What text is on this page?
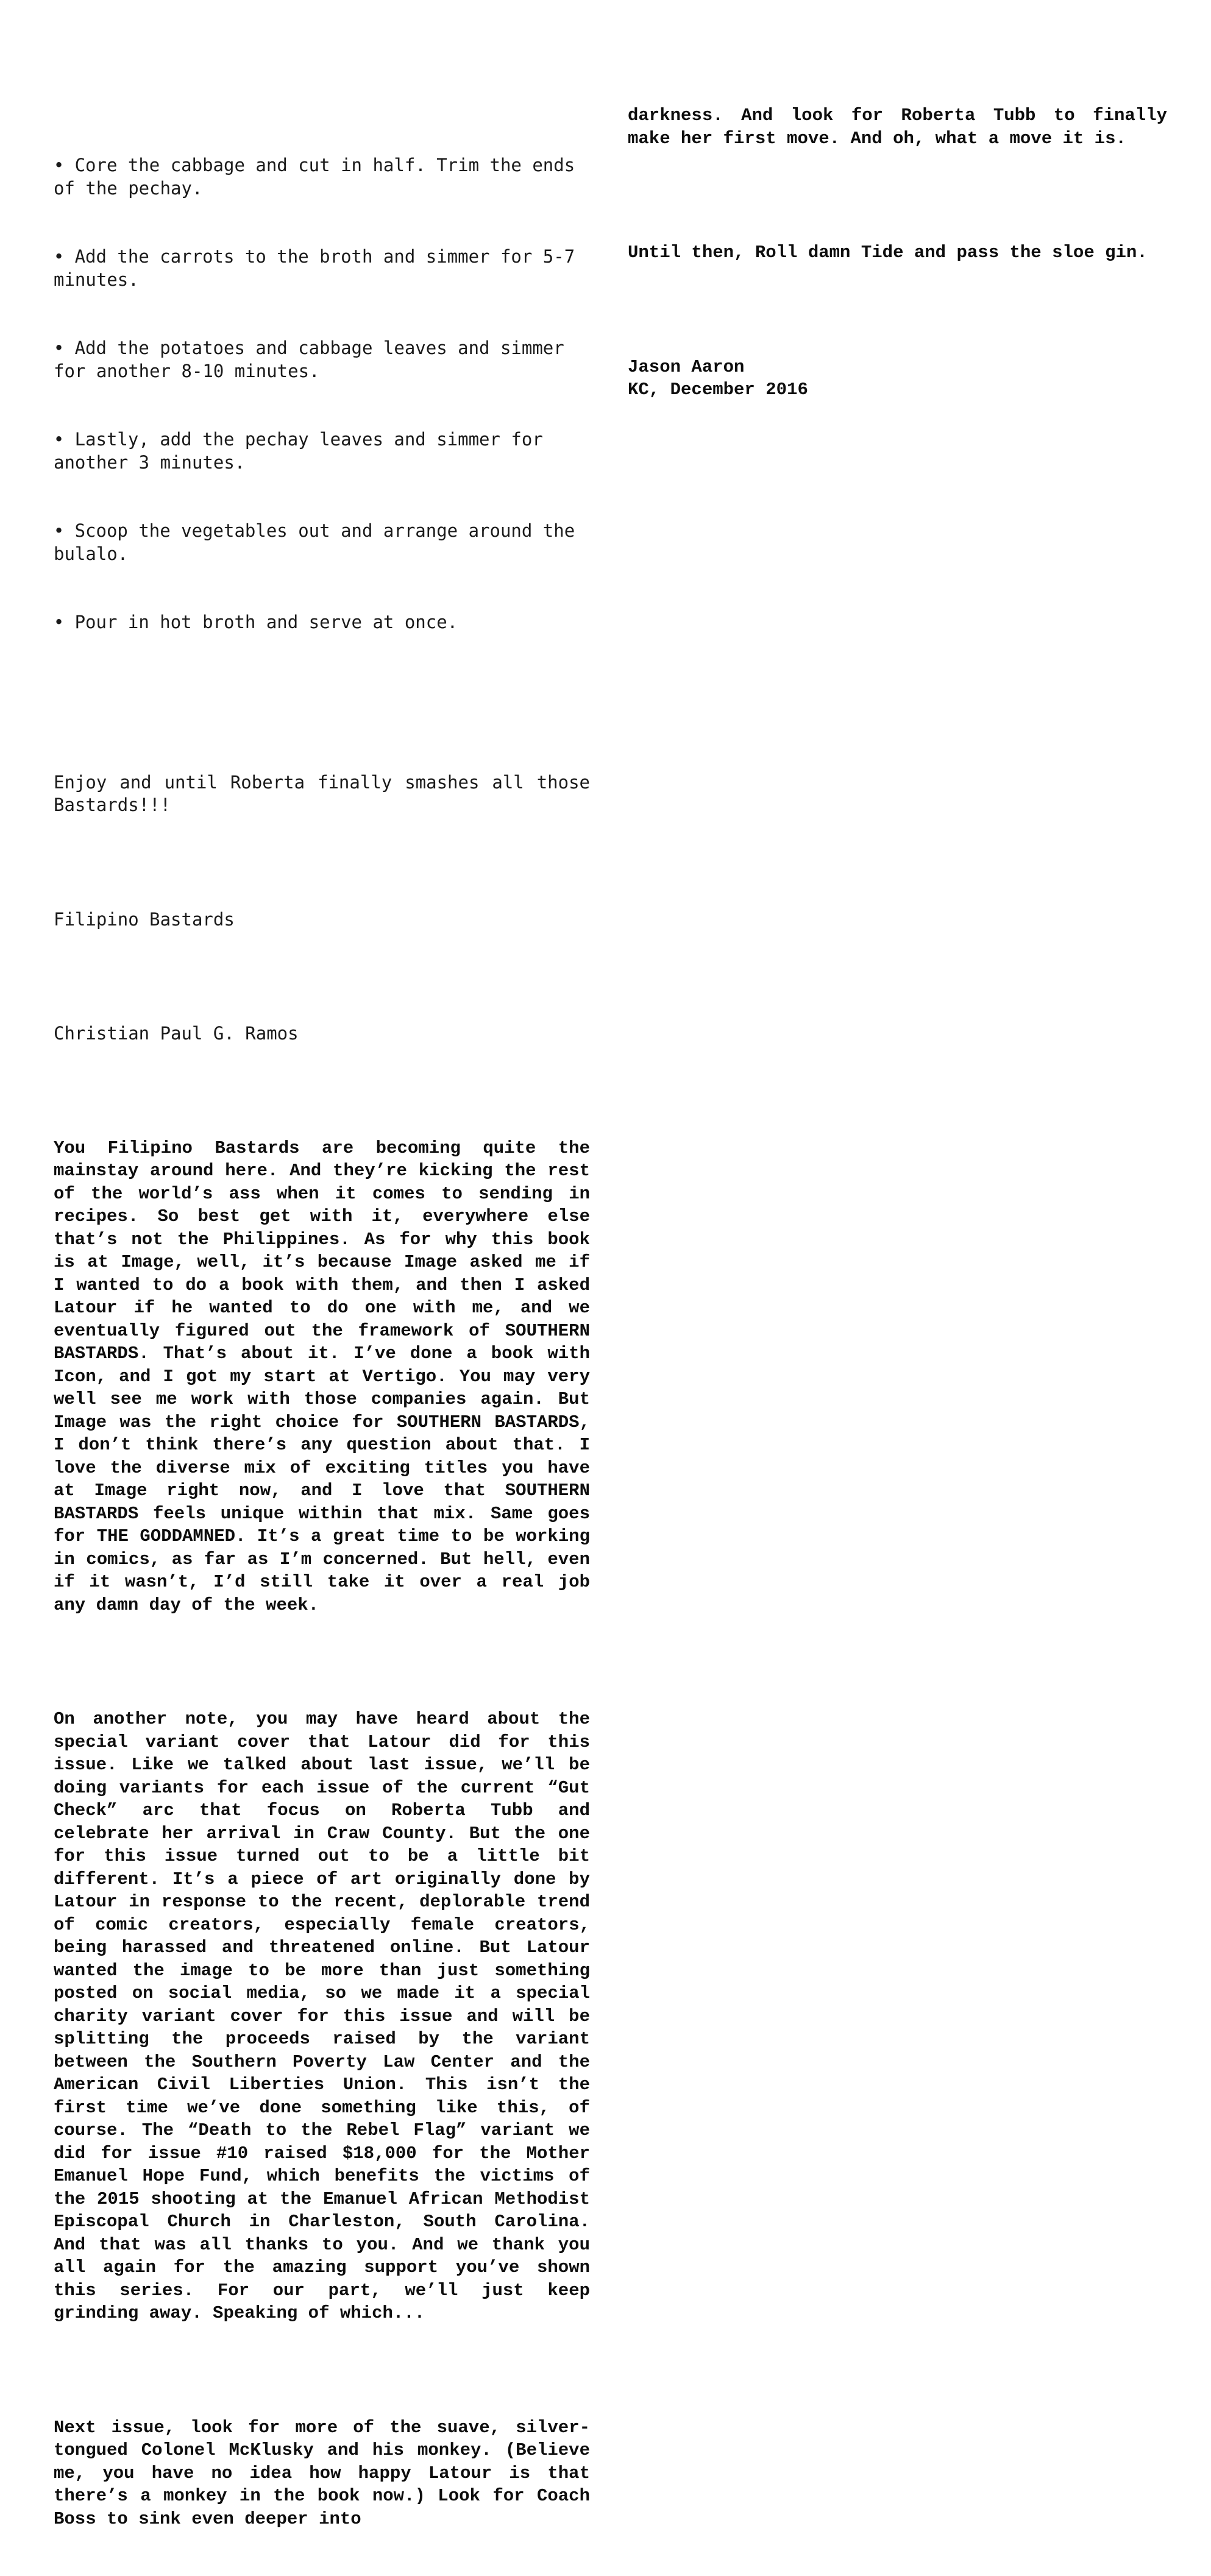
• Core the cabbage and cut in half. Trim the ends of the pechay.

• Add the carrots to the broth and simmer for 5-7 minutes.

• Add the potatoes and cabbage leaves and simmer for another 8-10 minutes.

• Lastly, add the pechay leaves and simmer for another 3 minutes.

• Scoop the vegetables out and arrange around the bulalo.

• Pour in hot broth and serve at once.

Enjoy and until Roberta finally smashes all those Bastards!!!

Filipino Bastards

Christian Paul G. Ramos

You Filipino Bastards are becoming quite the mainstay around here. And they’re kicking the rest of the world’s ass when it comes to sending in recipes. So best get with it, everywhere else that’s not the Philippines. As for why this book is at Image, well, it’s because Image asked me if I wanted to do a book with them, and then I asked Latour if he wanted to do one with me, and we eventually figured out the framework of SOUTHERN BASTARDS. That’s about it. I’ve done a book with Icon, and I got my start at Vertigo. You may very well see me work with those companies again. But Image was the right choice for SOUTHERN BASTARDS, I don’t think there’s any question about that. I love the diverse mix of exciting titles you have at Image right now, and I love that SOUTHERN BASTARDS feels unique within that mix. Same goes for THE GODDAMNED. It’s a great time to be working in comics, as far as I’m concerned. But hell, even if it wasn’t, I’d still take it over a real job any damn day of the week.

On another note, you may have heard about the special variant cover that Latour did for this issue. Like we talked about last issue, we’ll be doing variants for each issue of the current “Gut Check” arc that focus on Roberta Tubb and celebrate her arrival in Craw County. But the one for this issue turned out to be a little bit different. It’s a piece of art originally done by Latour in response to the recent, deplorable trend of comic creators, especially female creators, being harassed and threatened online. But Latour wanted the image to be more than just something posted on social media, so we made it a special charity variant cover for this issue and will be splitting the proceeds raised by the variant between the Southern Poverty Law Center and the American Civil Liberties Union. This isn’t the first time we’ve done something like this, of course. The “Death to the Rebel Flag” variant we did for issue #10 raised $18,000 for the Mother Emanuel Hope Fund, which benefits the victims of the 2015 shooting at the Emanuel African Methodist Episcopal Church in Charleston, South Carolina. And that was all thanks to you. And we thank you all again for the amazing support you’ve shown this series. For our part, we’ll just keep grinding away. Speaking of which...

Next issue, look for more of the suave, silver-tongued Colonel McKlusky and his monkey. (Believe me, you have no idea how happy Latour is that there’s a monkey in the book now.) Look for Coach Boss to sink even deeper into

darkness. And look for Roberta Tubb to finally make her first move. And oh, what a move it is.

Until then, Roll damn Tide and pass the sloe gin.

Jason Aaron
KC, December 2016
